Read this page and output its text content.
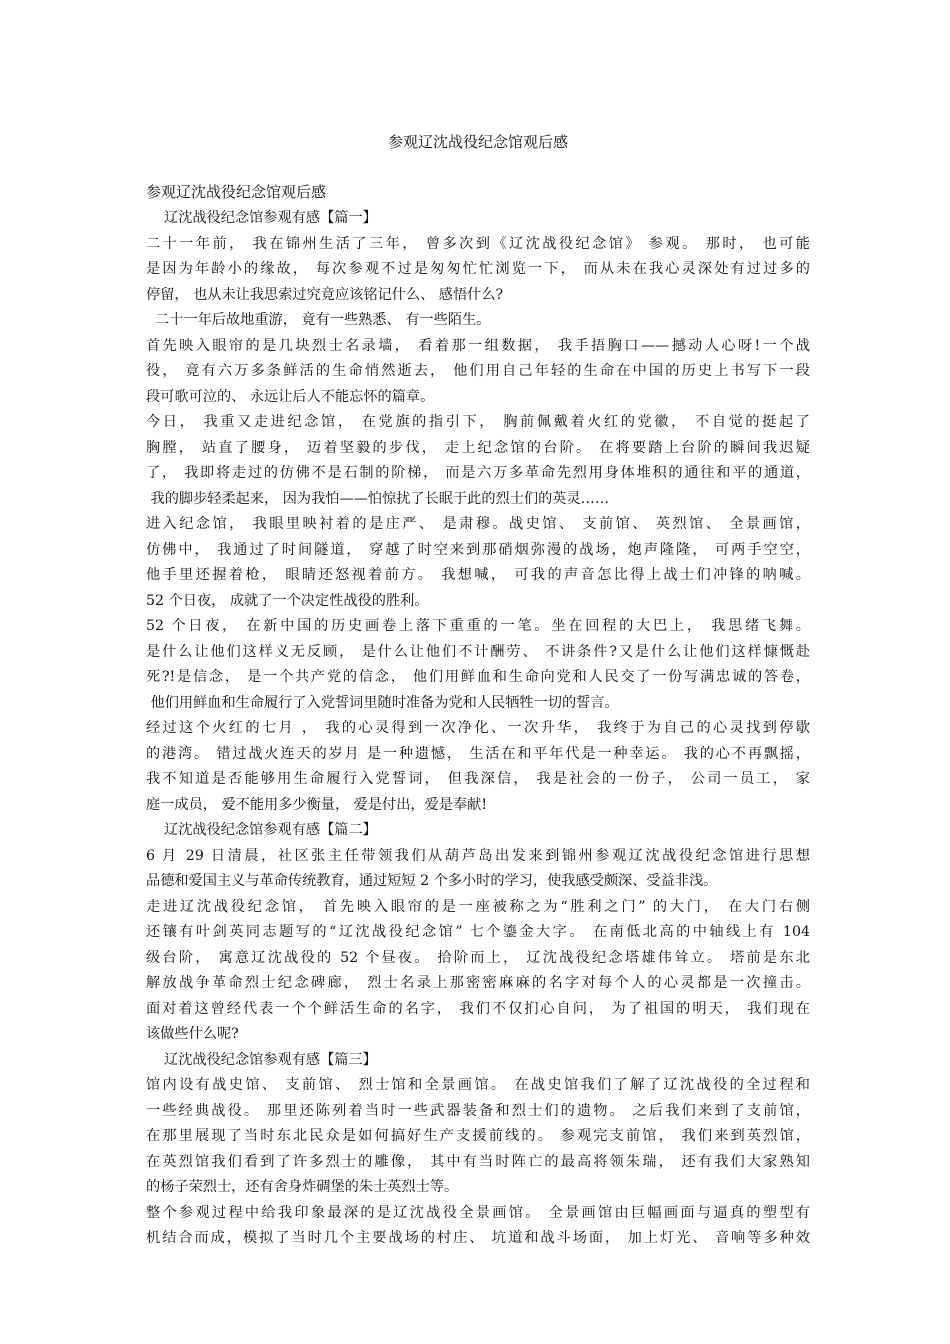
参观辽沈战役纪念馆观后感
参观辽沈战役纪念馆观后感

辽沈战役纪念馆参观有感【篇一】

二十一年前， 我在锦州生活了三年， 曾多次到《辽沈战役纪念馆》 参观。 那时， 也可能

是因为年龄小的缘故， 每次参观不过是匆匆忙忙浏览一下， 而从未在我心灵深处有过过多的

停留， 也从未让我思索过究竟应该铭记什么、 感悟什么?

二十一年后故地重游， 竟有一些熟悉、 有一些陌生。

首先映入眼帘的是几块烈士名录墙， 看着那一组数据， 我手捂胸口——撼动人心呀!一个战

役， 竟有六万多条鲜活的生命悄然逝去， 他们用自己年轻的生命在中国的历史上书写下一段

段可歌可泣的、 永远让后人不能忘怀的篇章。

今日， 我重又走进纪念馆， 在党旗的指引下， 胸前佩戴着火红的党徽， 不自觉的挺起了

胸膛， 站直了腰身， 迈着坚毅的步伐， 走上纪念馆的台阶。 在将要踏上台阶的瞬间我迟疑

了， 我即将走过的仿佛不是石制的阶梯， 而是六万多革命先烈用身体堆积的通往和平的通道，

我的脚步轻柔起来， 因为我怕——怕惊扰了长眠于此的烈士们的英灵……

进入纪念馆， 我眼里映衬着的是庄严、 是肃穆。战史馆、 支前馆、 英烈馆、 全景画馆，

仿佛中， 我通过了时间隧道， 穿越了时空来到那硝烟弥漫的战场，炮声隆隆， 可两手空空，

他手里还握着枪， 眼睛还怒视着前方。 我想喊， 可我的声音怎比得上战士们冲锋的呐喊。

52 个日夜， 成就了一个决定性战役的胜利。

52 个日夜， 在新中国的历史画卷上落下重重的一笔。坐在回程的大巴上， 我思绪飞舞。

是什么让他们这样义无反顾， 是什么让他们不计酬劳、 不讲条件?又是什么让他们这样慷慨赴

死?!是信念， 是一个共产党的信念， 他们用鲜血和生命向党和人民交了一份写满忠诚的答卷，

他们用鲜血和生命履行了入党誓词里随时准备为党和人民牺牲一切的誓言。

经过这个火红的七月 ， 我的心灵得到一次净化、一次升华， 我终于为自己的心灵找到停歇

的港湾。 错过战火连天的岁月 是一种遗憾， 生活在和平年代是一种幸运。 我的心不再飘摇，

我不知道是否能够用生命履行入党誓词， 但我深信， 我是社会的一份子， 公司一员工， 家

庭一成员， 爱不能用多少衡量， 爱是付出，爱是奉献!

辽沈战役纪念馆参观有感【篇二】

6 月 29 日清晨，社区张主任带领我们从葫芦岛出发来到锦州参观辽沈战役纪念馆进行思想

品德和爱国主义与革命传统教育，通过短短 2 个多小时的学习，使我感受颇深、受益非浅。

走进辽沈战役纪念馆， 首先映入眼帘的是一座被称之为“胜利之门” 的大门， 在大门右侧

还镶有叶剑英同志题写的“辽沈战役纪念馆” 七个鎏金大字。 在南低北高的中轴线上有 104

级台阶， 寓意辽沈战役的 52 个昼夜。 拾阶而上， 辽沈战役纪念塔雄伟耸立。 塔前是东北

解放战争革命烈士纪念碑廊， 烈士名录上那密密麻麻的名字对每个人的心灵都是一次撞击。

面对着这曾经代表一个个鲜活生命的名字， 我们不仅扪心自问， 为了祖国的明天， 我们现在

该做些什么呢?

辽沈战役纪念馆参观有感【篇三】

馆内设有战史馆、 支前馆、 烈士馆和全景画馆。 在战史馆我们了解了辽沈战役的全过程和

一些经典战役。 那里还陈列着当时一些武器装备和烈士们的遗物。 之后我们来到了支前馆，

在那里展现了当时东北民众是如何搞好生产支援前线的。 参观完支前馆， 我们来到英烈馆，

在英烈馆我们看到了许多烈士的雕像， 其中有当时阵亡的最高将领朱瑞， 还有我们大家熟知

的杨子荣烈士，还有舍身炸碉堡的朱士英烈士等。

整个参观过程中给我印象最深的是辽沈战役全景画馆。 全景画馆由巨幅画面与逼真的塑型有

机结合而成，模拟了当时几个主要战场的村庄、 坑道和战斗场面， 加上灯光、 音响等多种效
